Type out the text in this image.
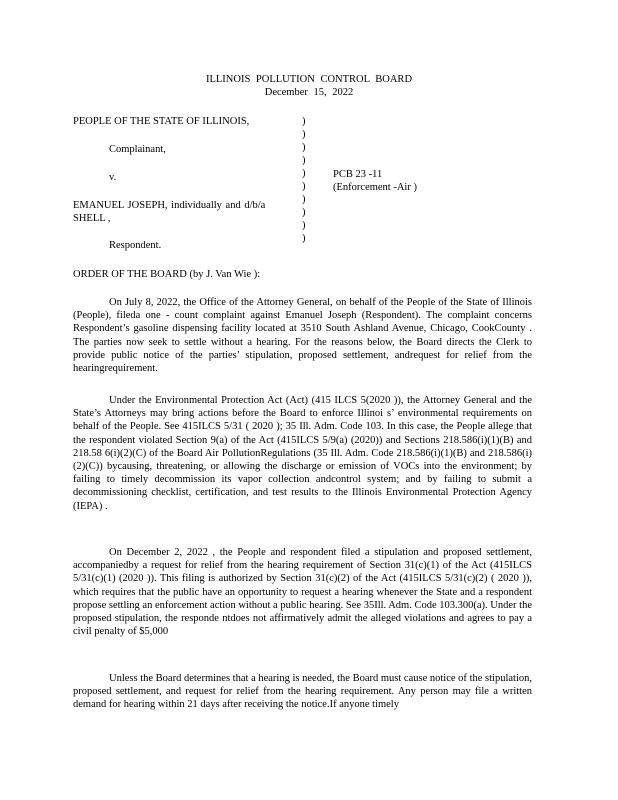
ILLINOIS POLLUTION CONTROL BOARD
December 15, 2022
PEOPLE OF THE STATE OF ILLINOIS,
Complainant,
v.
EMANUEL JOSEPH, individually and d/b/a
SHELL ,
Respondent.
)
)
)
)
)
)
)
)
)
)
PCB 23 -11
(Enforcement -Air )
ORDER OF THE BOARD (by J. Van Wie ):

On July 8, 2022, the Office of the Attorney General, on behalf of the People of the State of Illinois (People), fileda one - count complaint against Emanuel Joseph (Respondent). The complaint concerns Respondent’s gasoline dispensing facility located at 3510 South Ashland Avenue, Chicago, CookCounty . The parties now seek to settle without a hearing. For the reasons below, the Board directs the Clerk to provide public notice of the parties’ stipulation, proposed settlement, andrequest for relief from the hearingrequirement.

Under the Environmental Protection Act (Act) (415 ILCS 5(2020 )), the Attorney General and the State’s Attorneys may bring actions before the Board to enforce Illinoi s’ environmental requirements on behalf of the People. See 415ILCS 5/31 ( 2020 ); 35 Ill. Adm. Code 103. In this case, the People allege that the respondent violated Section 9(a) of the Act (415ILCS 5/9(a) (2020)) and Sections 218.586(i)(1)(B) and 218.58 6(i)(2)(C) of the Board Air PollutionRegulations (35 Ill. Adm. Code 218.586(i)(1)(B) and 218.586(i)(2)(C)) bycausing, threatening, or allowing the discharge or emission of VOCs into the environment; by failing to timely decommission its vapor collection andcontrol system; and by failing to submit a decommissioning checklist, certification, and test results to the Illinois Environmental Protection Agency (IEPA) .

On December 2, 2022 , the People and respondent filed a stipulation and proposed settlement, accompaniedby a request for relief from the hearing requirement of Section 31(c)(1) of the Act (415ILCS 5/31(c)(1) (2020 )). This filing is authorized by Section 31(c)(2) of the Act (415ILCS 5/31(c)(2) ( 2020 )), which requires that the public have an opportunity to request a hearing whenever the State and a respondent propose settling an enforcement action without a public hearing. See 35Ill. Adm. Code 103.300(a). Under the proposed stipulation, the responde ntdoes not affirmatively admit the alleged violations and agrees to pay a civil penalty of $5,000

Unless the Board determines that a hearing is needed, the Board must cause notice of the stipulation, proposed settlement, and request for relief from the hearing requirement. Any person may file a written demand for hearing within 21 days after receiving the notice.If anyone timely
